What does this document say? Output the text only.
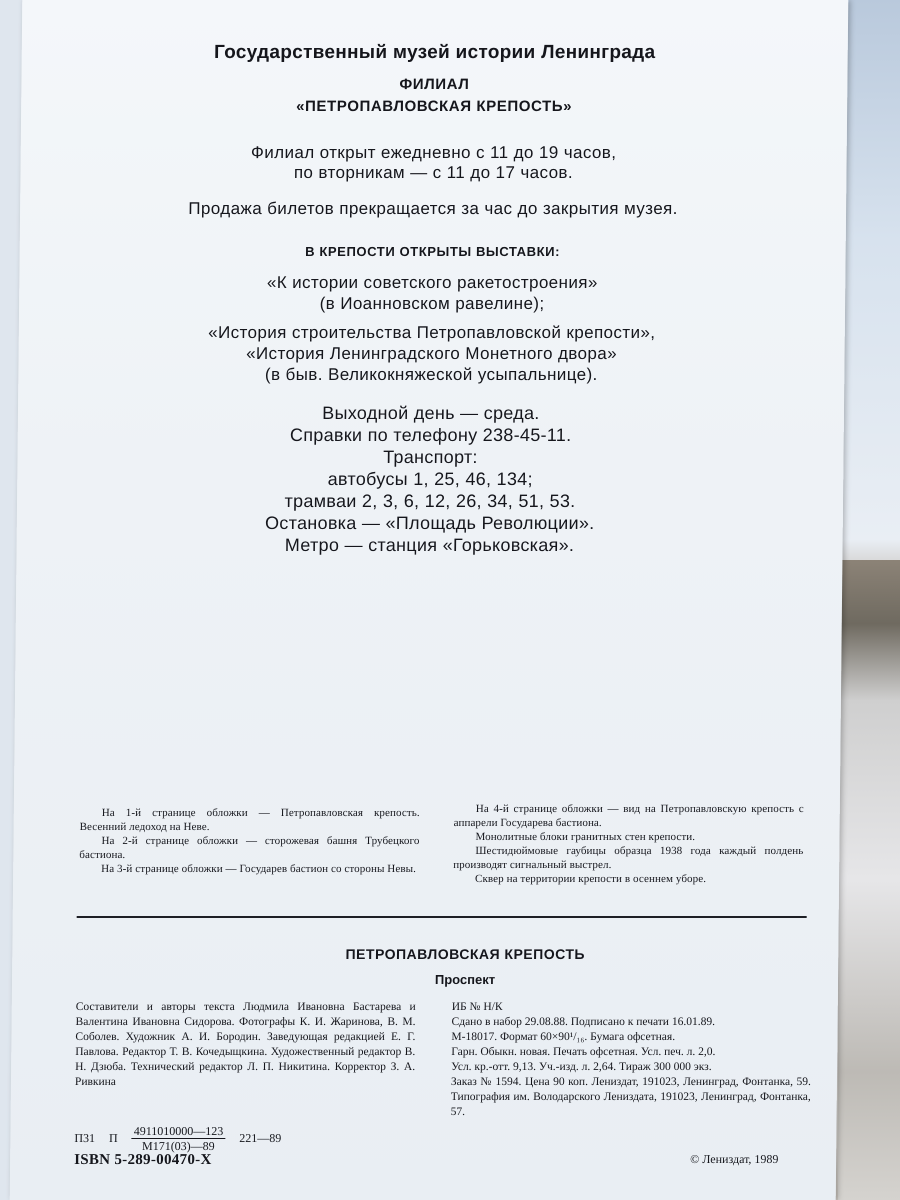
Государственный музей истории Ленинграда
ФИЛИАЛ
«ПЕТРОПАВЛОВСКАЯ КРЕПОСТЬ»
Филиал открыт ежедневно с 11 до 19 часов,
по вторникам — с 11 до 17 часов.
Продажа билетов прекращается за час до закрытия музея.
В КРЕПОСТИ ОТКРЫТЫ ВЫСТАВКИ:
«К истории советского ракетостроения»
(в Иоанновском равелине);
«История строительства Петропавловской крепости»,
«История Ленинградского Монетного двора»
(в быв. Великокняжеской усыпальнице).
Выходной день — среда.
Справки по телефону 238-45-11.
Транспорт:
автобусы 1, 25, 46, 134;
трамваи 2, 3, 6, 12, 26, 34, 51, 53.
Остановка — «Площадь Революции».
Метро — станция «Горьковская».
На 1-й странице обложки — Петропавловская крепость. Весенний ледоход на Неве.
На 2-й странице обложки — сторожевая башня Трубецкого бастиона.
На 3-й странице обложки — Государев бастион со стороны Невы.
На 4-й странице обложки — вид на Петропавловскую крепость с аппарели Государева бастиона.
Монолитные блоки гранитных стен крепости.
Шестидюймовые гаубицы образца 1938 года каждый полдень производят сигнальный выстрел.
Сквер на территории крепости в осеннем уборе.
ПЕТРОПАВЛОВСКАЯ КРЕПОСТЬ
Проспект
Составители и авторы текста Людмила Ивановна Бастарева и Валентина Ивановна Сидорова. Фотографы К. И. Жаринова, В. М. Соболев. Художник А. И. Бородин. Заведующая редакцией Е. Г. Павлова. Редактор Т. В. Кочедыщкина. Художественный редактор В. Н. Дзюба. Технический редактор Л. П. Никитина. Корректор З. А. Ривкина
ИБ № Н/К
Сдано в набор 29.08.88. Подписано к печати 16.01.89.
М-18017. Формат 60×90¹/₁₆. Бумага офсетная.
Гарн. Обыкн. новая. Печать офсетная. Усл. печ. л. 2,0.
Усл. кр.-отт. 9,13. Уч.-изд. л. 2,64. Тираж 300 000 экз.
Заказ № 1594. Цена 90 коп. Лениздат, 191023, Ленинград, Фонтанка, 59. Типография им. Володарского Лениздата, 191023, Ленинград, Фонтанка, 57.
П31 П 4911010000—123
М171(03)—89
221—89
ISBN 5-289-00470-X	© Лениздат, 1989
